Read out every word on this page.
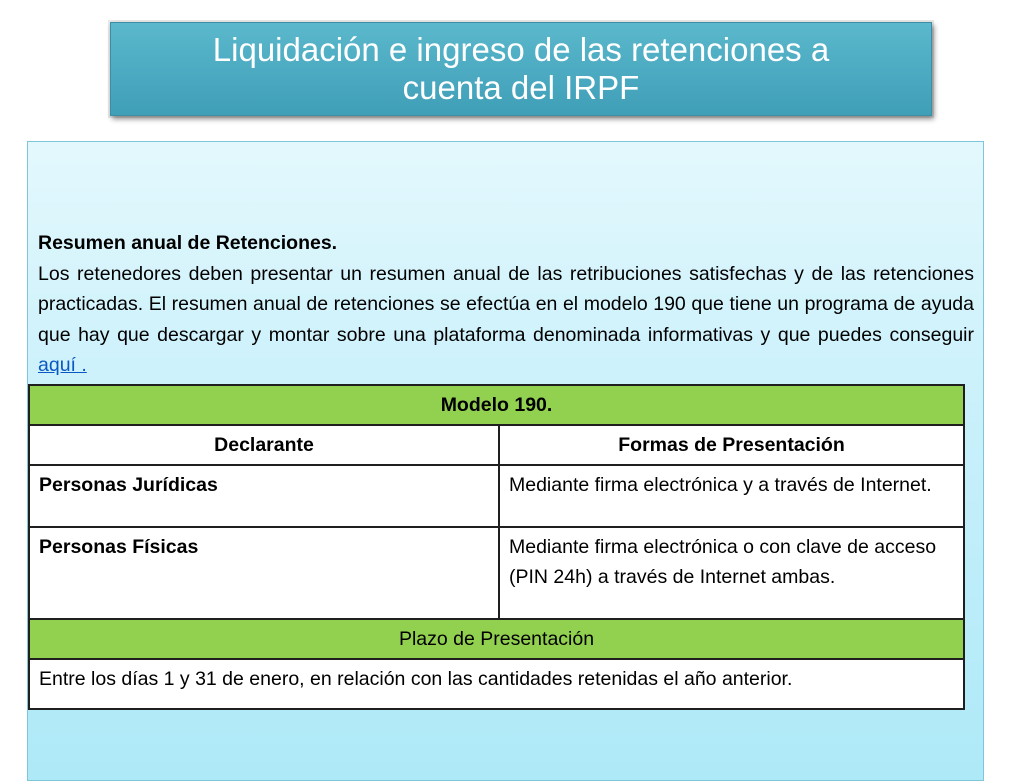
Liquidación e ingreso de las retenciones a
cuenta del IRPF
Resumen anual de Retenciones.
Los retenedores deben presentar un resumen anual de las retribuciones satisfechas y de las retenciones practicadas. El resumen anual de retenciones se efectúa en el modelo 190 que tiene un programa de ayuda que hay que descargar y montar sobre una plataforma denominada informativas y que puedes conseguir aquí .
Modelo 190.	
Declarante	Formas de Presentación
Personas Jurídicas	Mediante firma electrónica y a través de Internet.
Personas Físicas	Mediante firma electrónica o con clave de acceso (PIN 24h) a través de Internet ambas.
Plazo de Presentación	
Entre los días 1 y 31 de enero, en relación con las cantidades retenidas el año anterior.	
